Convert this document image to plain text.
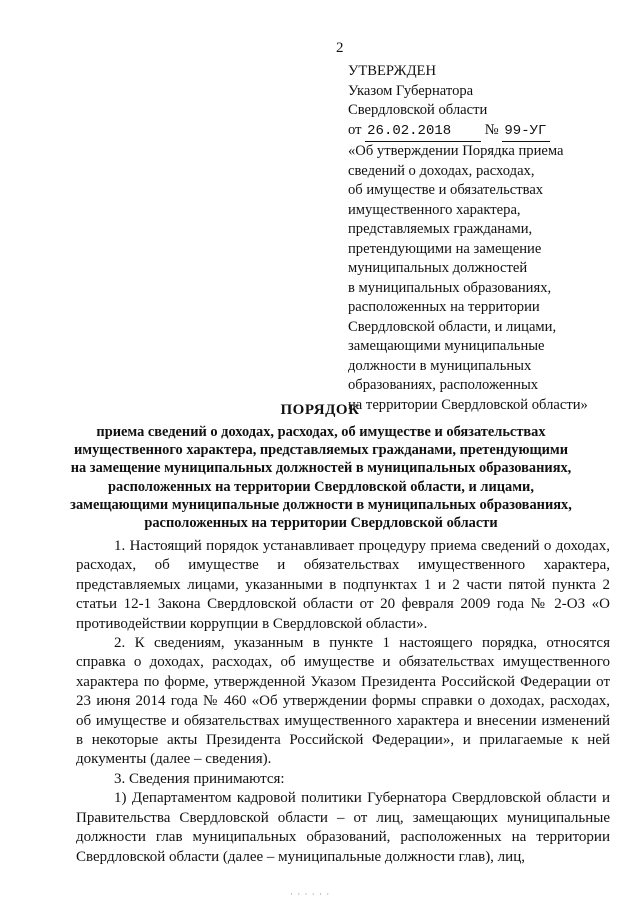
2
УТВЕРЖДЕН
Указом Губернатора
Свердловской области
от 26.02.2018 № 99-УГ
«Об утверждении Порядка приема
сведений о доходах, расходах,
об имуществе и обязательствах
имущественного характера,
представляемых гражданами,
претендующими на замещение
муниципальных должностей
в муниципальных образованиях,
расположенных на территории
Свердловской области, и лицами,
замещающими муниципальные
должности в муниципальных
образованиях, расположенных
на территории Свердловской области»
ПОРЯДОК
приема сведений о доходах, расходах, об имуществе и обязательствах
имущественного характера, представляемых гражданами, претендующими
на замещение муниципальных должностей в муниципальных образованиях,
расположенных на территории Свердловской области, и лицами,
замещающими муниципальные должности в муниципальных образованиях,
расположенных на территории Свердловской области

1. Настоящий порядок устанавливает процедуру приема сведений о доходах, расходах, об имуществе и обязательствах имущественного характера, представляемых лицами, указанными в подпунктах 1 и 2 части пятой пункта 2 статьи 12-1 Закона Свердловской области от 20 февраля 2009 года № 2-ОЗ «О противодействии коррупции в Свердловской области».

2. К сведениям, указанным в пункте 1 настоящего порядка, относятся справка о доходах, расходах, об имуществе и обязательствах имущественного характера по форме, утвержденной Указом Президента Российской Федерации от 23 июня 2014 года № 460 «Об утверждении формы справки о доходах, расходах, об имуществе и обязательствах имущественного характера и внесении изменений в некоторые акты Президента Российской Федерации», и прилагаемые к ней документы (далее – сведения).

3. Сведения принимаются:

1) Департаментом кадровой политики Губернатора Свердловской области и Правительства Свердловской области – от лиц, замещающих муниципальные должности глав муниципальных образований, расположенных на территории Свердловской области (далее – муниципальные должности глав), лиц,

· · · · · ·
